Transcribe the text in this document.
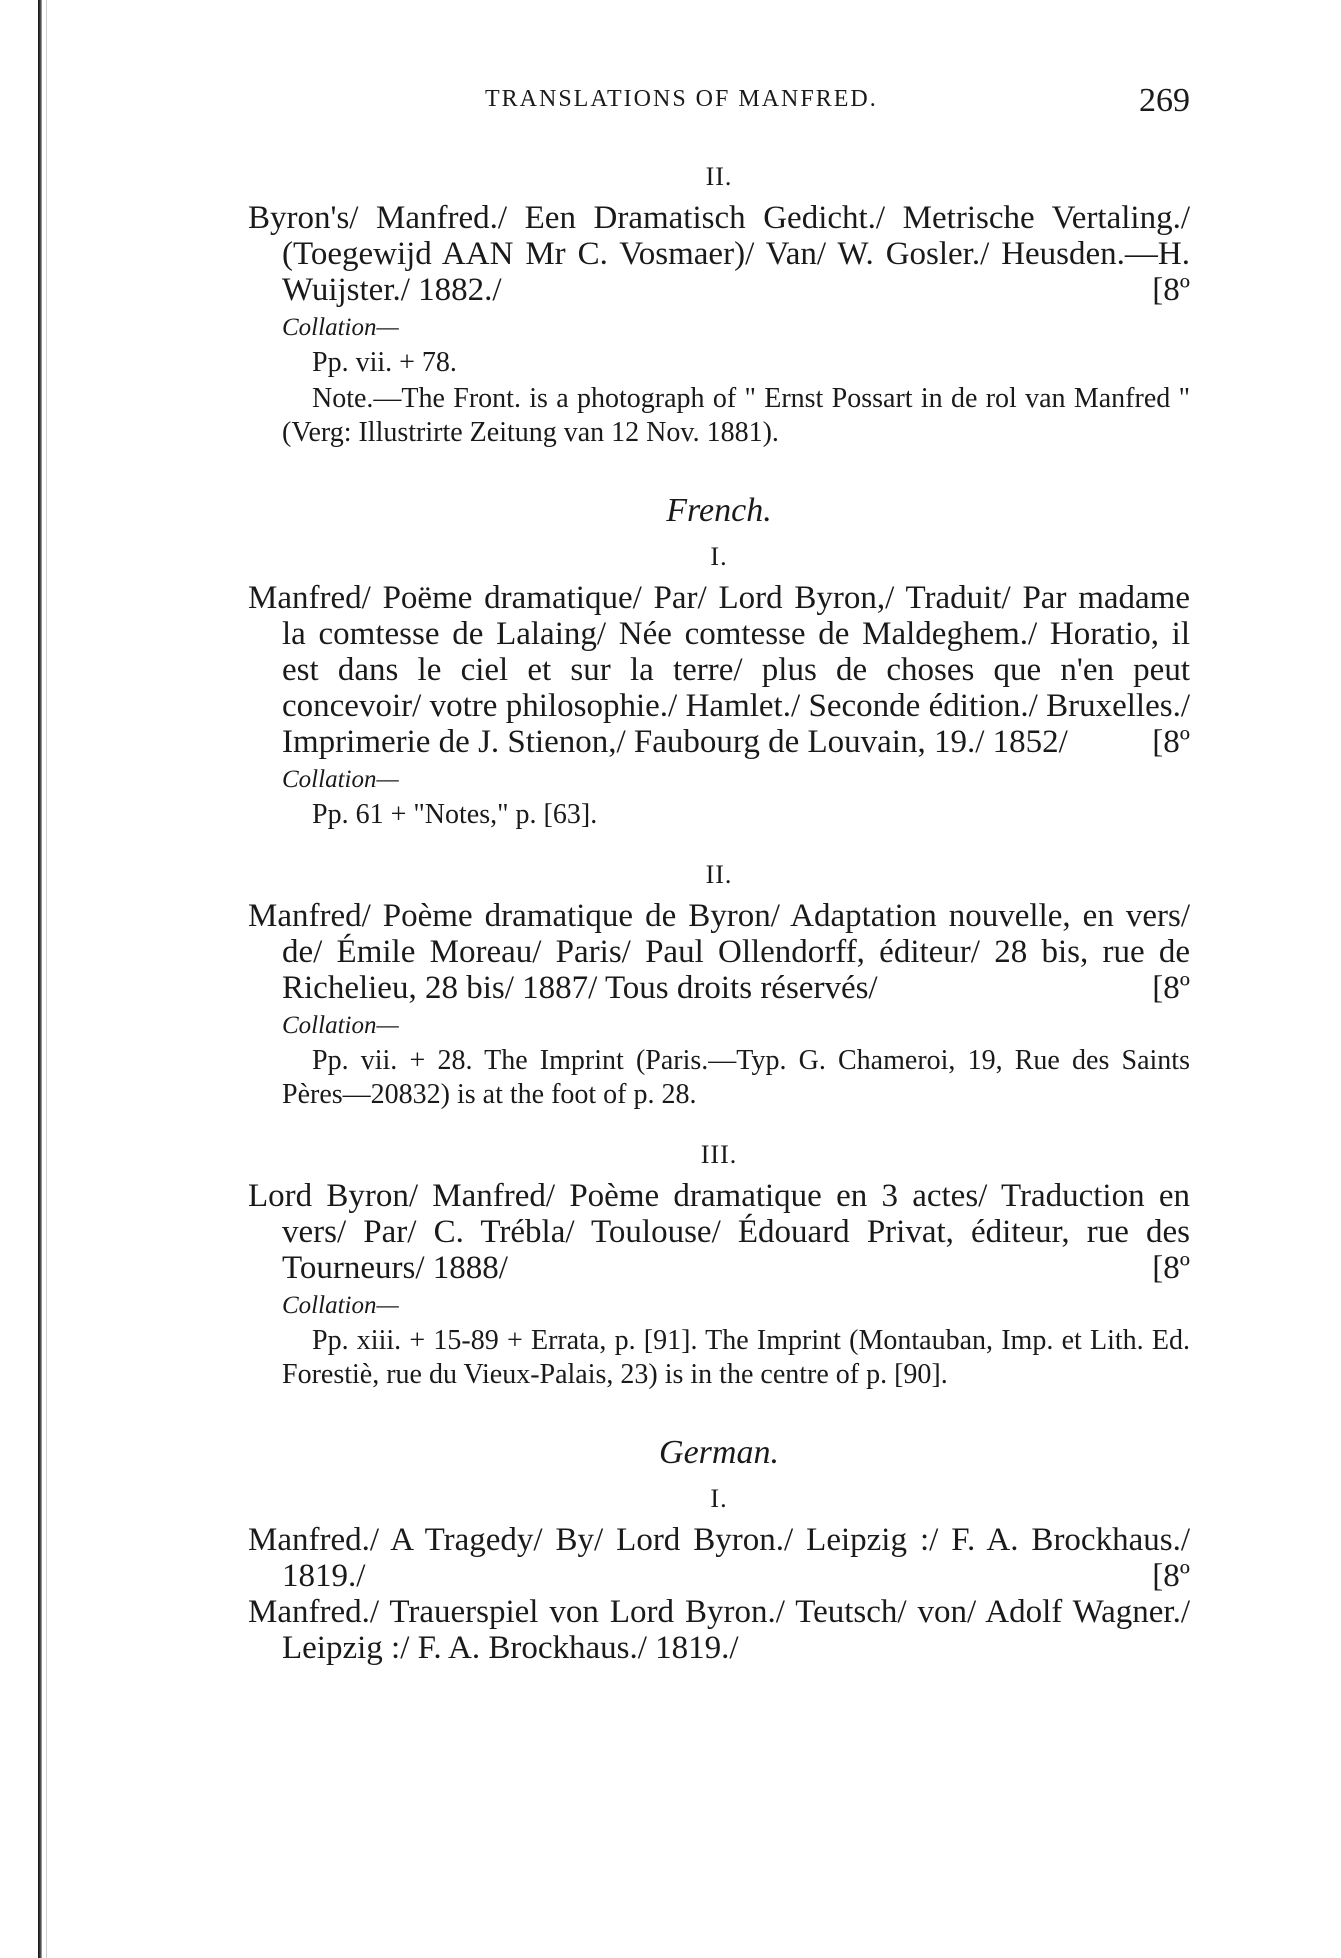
TRANSLATIONS OF MANFRED.	269
II.

Byron's/ Manfred./ Een Dramatisch Gedicht./ Metrische Vertaling./ (Toegewijd AAN Mr C. Vosmaer)/ Van/ W. Gosler./ Heusden.—H. Wuijster./ 1882./	[8º

Collation—
Pp. vii. + 78.
Note.—The Front. is a photograph of " Ernst Possart in de rol van Manfred " (Verg: Illustrirte Zeitung van 12 Nov. 1881).
French.
I.

Manfred/ Poëme dramatique/ Par/ Lord Byron,/ Traduit/ Par madame la comtesse de Lalaing/ Née comtesse de Maldeghem./ Horatio, il est dans le ciel et sur la terre/ plus de choses que n'en peut concevoir/ votre philosophie./ Hamlet./ Seconde édition./ Bruxelles./ Imprimerie de J. Stienon,/ Faubourg de Louvain, 19./ 1852/	[8º

Collation—
Pp. 61 + "Notes," p. [63].
II.

Manfred/ Poème dramatique de Byron/ Adaptation nouvelle, en vers/ de/ Émile Moreau/ Paris/ Paul Ollendorff, éditeur/ 28 bis, rue de Richelieu, 28 bis/ 1887/ Tous droits réservés/	[8º

Collation—
Pp. vii. + 28. The Imprint (Paris.—Typ. G. Chameroi, 19, Rue des Saints Pères—20832) is at the foot of p. 28.
III.

Lord Byron/ Manfred/ Poème dramatique en 3 actes/ Traduction en vers/ Par/ C. Trébla/ Toulouse/ Édouard Privat, éditeur, rue des Tourneurs/ 1888/	[8º

Collation—
Pp. xiii. + 15-89 + Errata, p. [91]. The Imprint (Montauban, Imp. et Lith. Ed. Forestiè, rue du Vieux-Palais, 23) is in the centre of p. [90].
German.
I.

Manfred./ A Tragedy/ By/ Lord Byron./ Leipzig :/ F. A. Brockhaus./ 1819./	[8º

Manfred./ Trauerspiel von Lord Byron./ Teutsch/ von/ Adolf Wagner./ Leipzig :/ F. A. Brockhaus./ 1819./
